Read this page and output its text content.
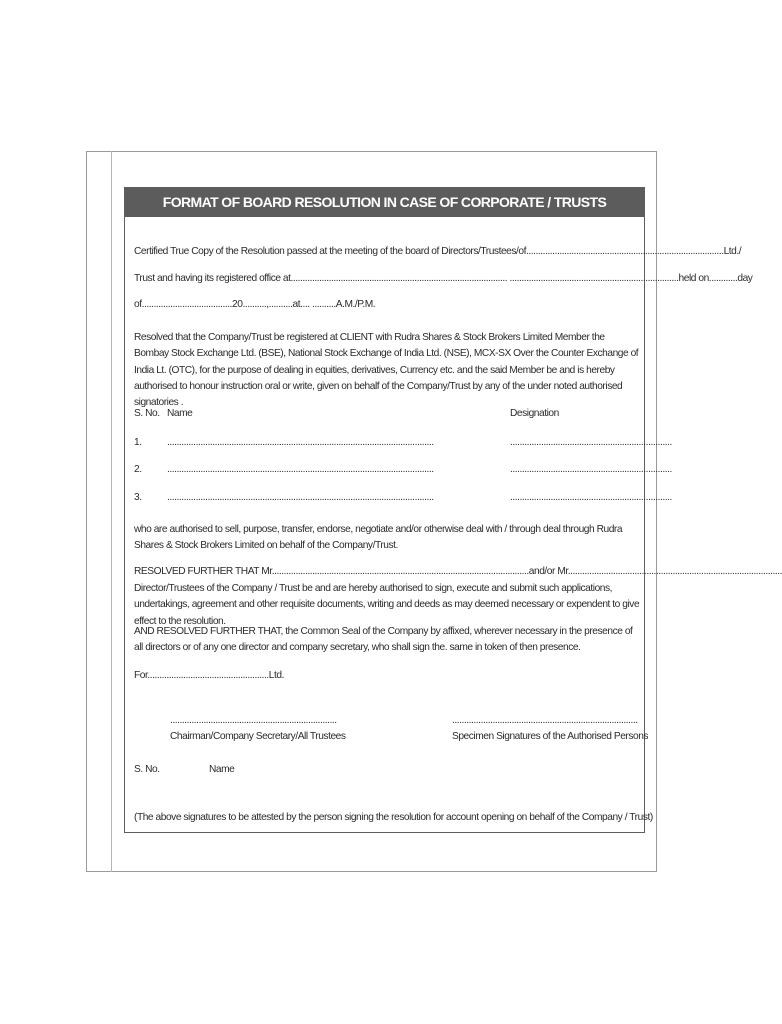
FORMAT OF BOARD RESOLUTION IN CASE OF CORPORATE / TRUSTS
Certified True Copy of the Resolution passed at the meeting of the board of Directors/Trustees/of...................................................................................Ltd./
Trust and having its registered office at........................................................................................... .......................................................................held on............day
of......................................20..........,..........at.... ..........A.M./P.M.
Resolved that the Company/Trust be registered at CLIENT with Rudra Shares & Stock Brokers Limited Member the Bombay Stock Exchange Ltd. (BSE), National Stock Exchange of India Ltd. (NSE), MCX-SX Over the Counter Exchange of India Lt. (OTC), for the purpose of dealing in equities, derivatives, Currency etc. and the said Member be and is hereby authorised to honour instruction oral or write, given on behalf of the Company/Trust by any of the under noted authorised signatories .
S. No. Name	Designation
1. ................................................................................................................	....................................................................
2. ................................................................................................................	....................................................................
3. ................................................................................................................	....................................................................
who are authorised to sell, purpose, transfer, endorse, negotiate and/or otherwise deal with / through deal through Rudra Shares & Stock Brokers Limited on behalf of the Company/Trust.
RESOLVED FURTHER THAT Mr............................................................................................................and/or Mr..........................................................................................
Director/Trustees of the Company / Trust be and are hereby authorised to sign, execute and submit such applications, undertakings, agreement and other requisite documents, writing and deeds as may deemed necessary or expendent to give effect to the resolution.
AND RESOLVED FURTHER THAT, the Common Seal of the Company by affixed, wherever necessary in the presence of all directors or of any one director and company secretary, who shall sign the. same in token of then presence.
For...................................................Ltd.
......................................................................
Chairman/Company Secretary/All Trustees
..............................................................................
Specimen Signatures of the Authorised Persons
S. No.	Name
(The above signatures to be attested by the person signing the resolution for account opening on behalf of the Company / Trust)
